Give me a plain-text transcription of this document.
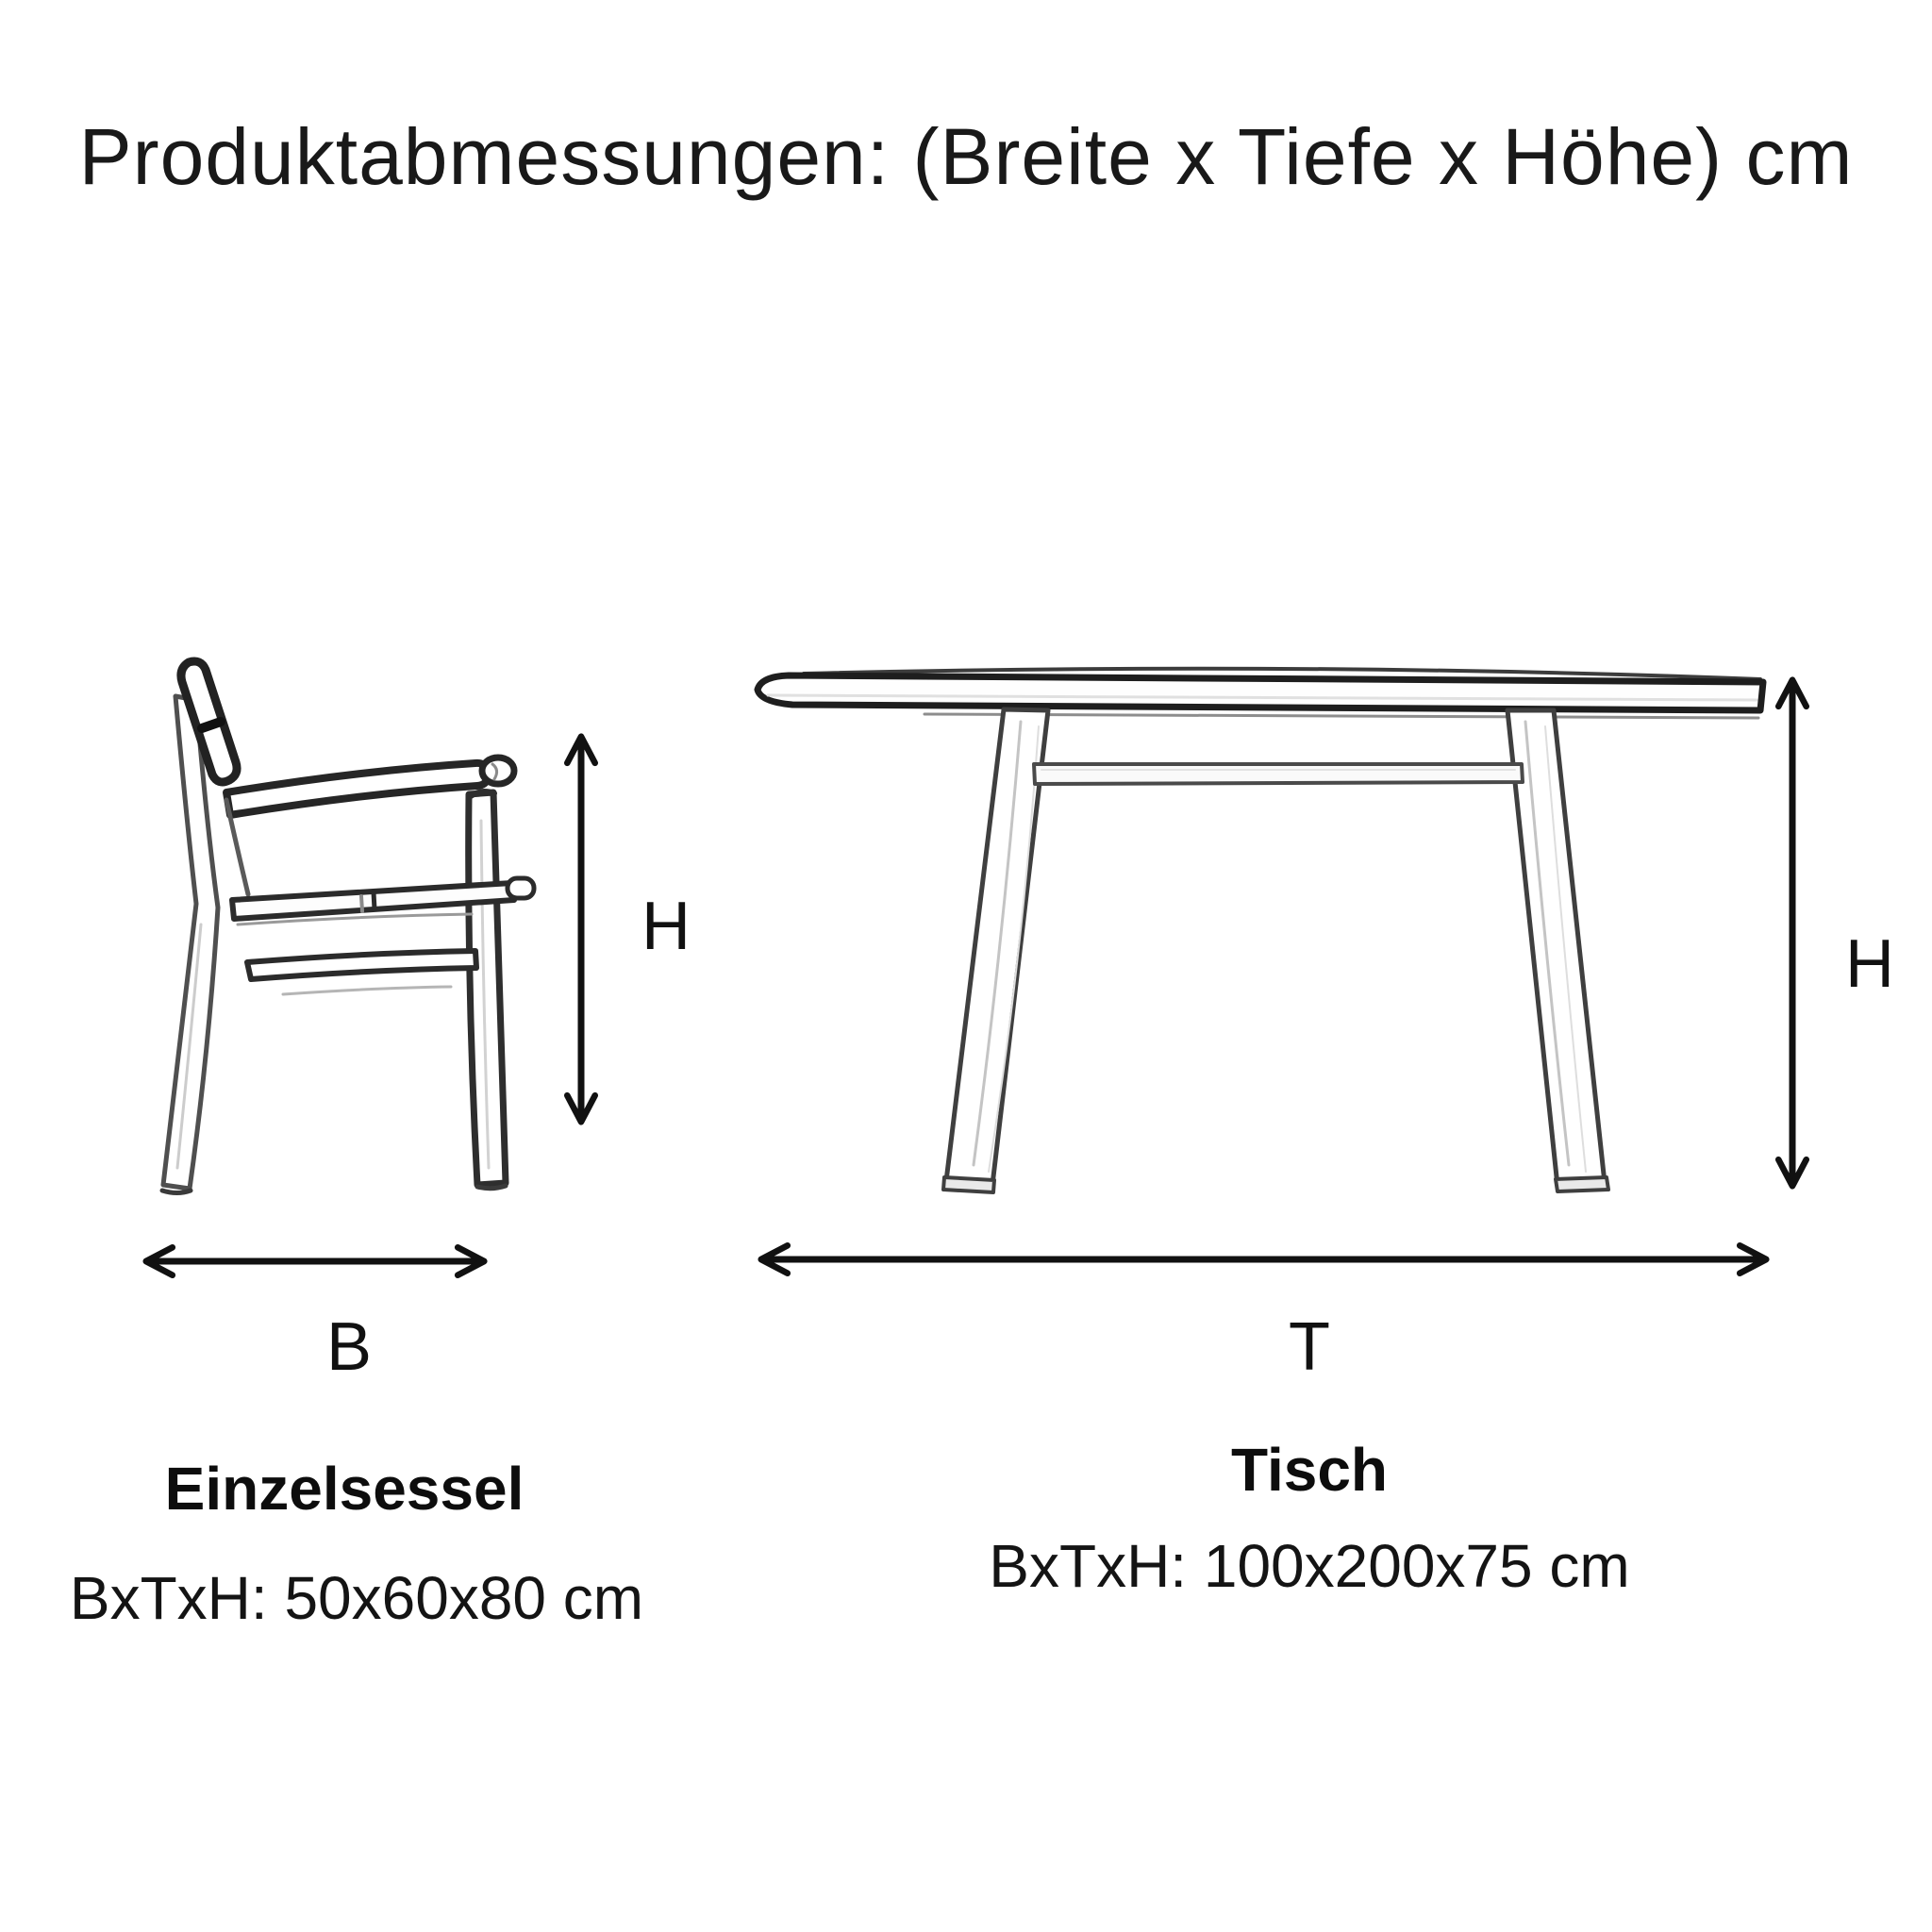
Produktabmessungen: (Breite x Tiefe x Höhe) cm
H	H
B	T
Einzelsessel
BxTxH: 50x60x80 cm
Tisch
BxTxH: 100x200x75 cm
